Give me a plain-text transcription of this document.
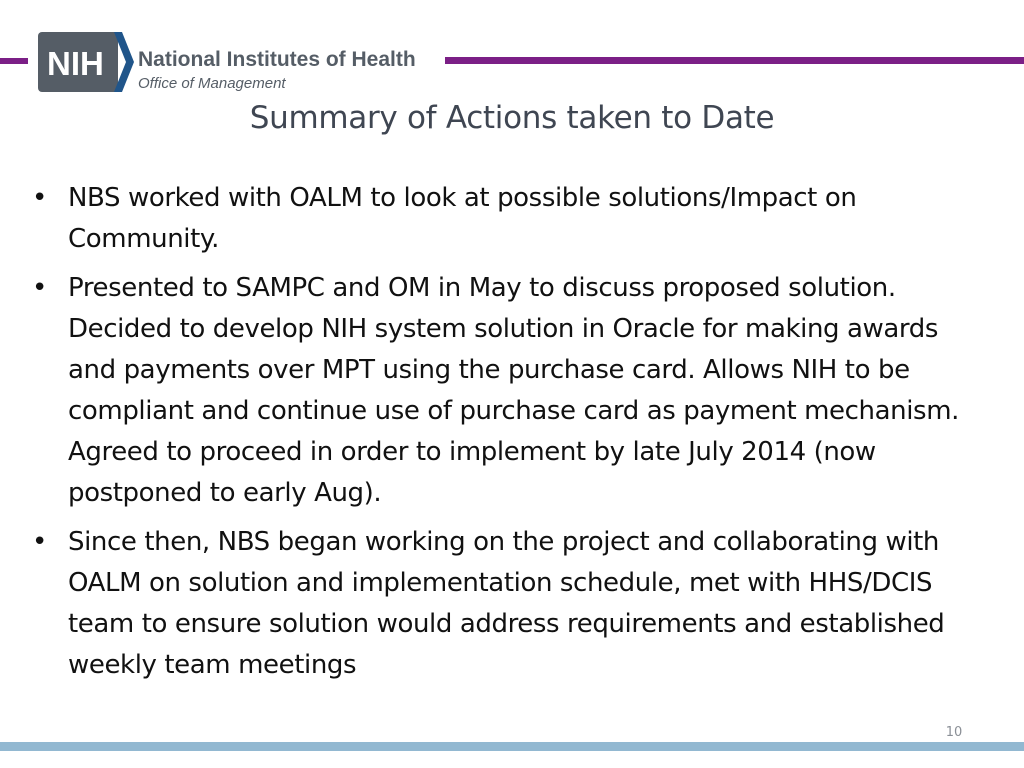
NIH National Institutes of Health
Office of Management
Summary of Actions taken to Date
• NBS worked with OALM to look at possible solutions/Impact on Community.
• Presented to SAMPC and OM in May to discuss proposed solution. Decided to develop NIH system solution in Oracle for making awards and payments over MPT using the purchase card. Allows NIH to be compliant and continue use of purchase card as payment mechanism. Agreed to proceed in order to implement by late July 2014 (now postponed to early Aug).
• Since then, NBS began working on the project and collaborating with OALM on solution and implementation schedule, met with HHS/DCIS team to ensure solution would address requirements and established weekly team meetings
10
